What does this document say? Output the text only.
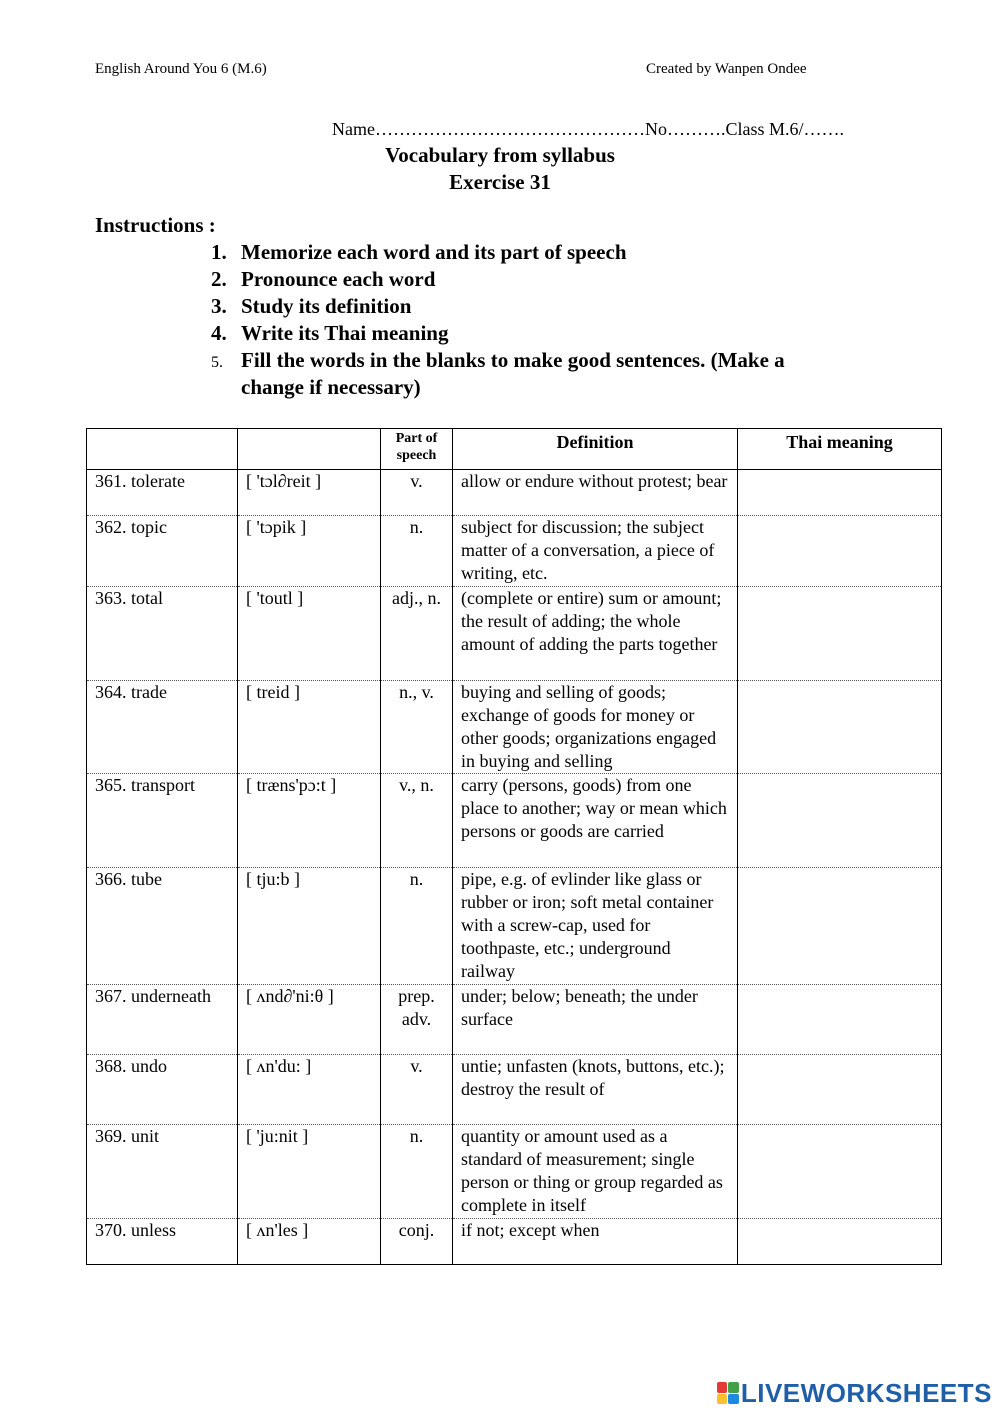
English Around You 6 (M.6)	Created by Wanpen Ondee
Name………………………………………No……….Class M.6/…….
Vocabulary from syllabus
Exercise 31
Instructions :
1. Memorize each word and its part of speech
2. Pronounce each word
3. Study its definition
4. Write its Thai meaning
5. Fill the words in the blanks to make good sentences. (Make a
change if necessary)
		Part of speech	Definition	Thai meaning
361. tolerate	[ 'tɔl∂reit ]	v.	allow or endure without protest; bear	
362. topic	[ 'tɔpik ]	n.	subject for discussion; the subject matter of a conversation, a piece of writing, etc.	
363. total	[ 'toutl ]	adj., n.	(complete or entire) sum or amount; the result of adding; the whole amount of adding the parts together	
364. trade	[ treid ]	n., v.	buying and selling of goods; exchange of goods for money or other goods; organizations engaged in buying and selling	
365. transport	[ træns'pɔ:t ]	v., n.	carry (persons, goods) from one place to another; way or mean which persons or goods are carried	
366. tube	[ tju:b ]	n.	pipe, e.g. of evlinder like glass or rubber or iron; soft metal container with a screw-cap, used for toothpaste, etc.; underground railway	
367. underneath	[ ʌnd∂'ni:θ ]	prep. adv.	under; below; beneath; the under surface	
368. undo	[ ʌn'du: ]	v.	untie; unfasten (knots, buttons, etc.); destroy the result of	
369. unit	[ 'ju:nit ]	n.	quantity or amount used as a standard of measurement; single person or thing or group regarded as complete in itself	
370. unless	[ ʌn'les ]	conj.	if not; except when	
LIVEWORKSHEETS
